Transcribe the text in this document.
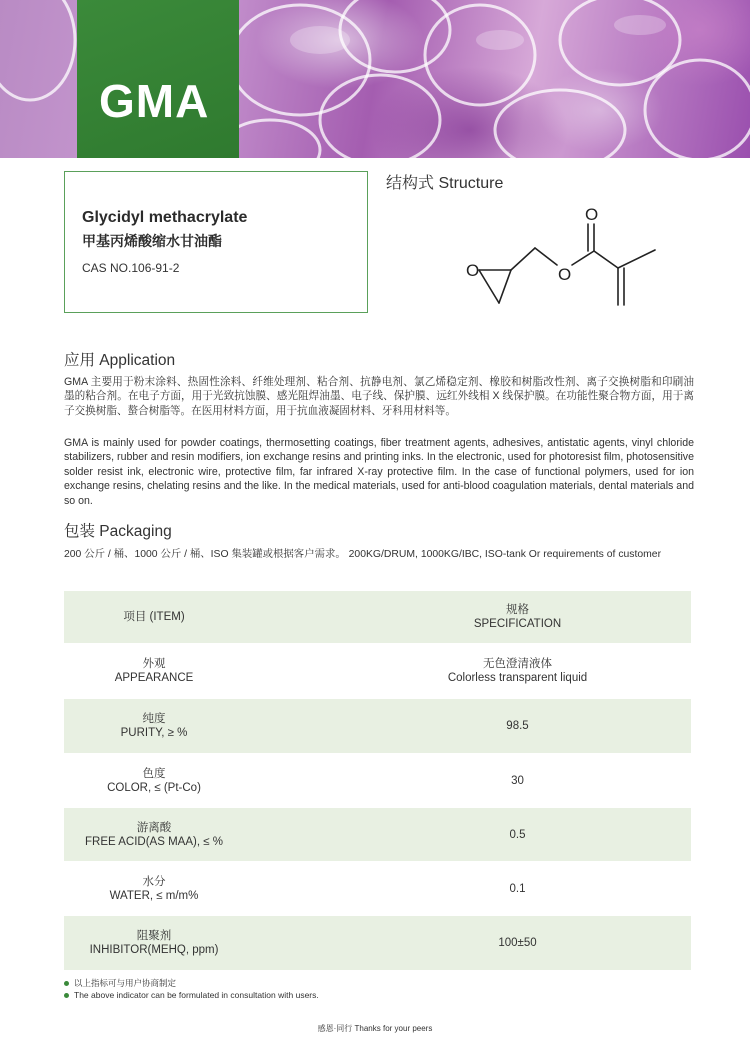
GMA
Glycidyl methacrylate
甲基丙烯酸缩水甘油酯
CAS NO.106-91-2
结构式 Structure
O	O
O
应用 Application
GMA 主要用于粉末涂料、热固性涂料、纤维处理剂、粘合剂、抗静电剂、氯乙烯稳定剂、橡胶和树脂改性剂、离子交换树脂和印刷油墨的粘合剂。在电子方面，用于光致抗蚀膜、感光阻焊油墨、电子线、保护膜、远红外线相 X 线保护膜。在功能性聚合物方面，用于离子交换树脂、螯合树脂等。在医用材料方面，用于抗血液凝固材料、牙科用材料等。
GMA is mainly used for powder coatings, thermosetting coatings, fiber treatment agents, adhesives, antistatic agents, vinyl chloride stabilizers, rubber and resin modifiers, ion exchange resins and printing inks. In the electronic, used for photoresist film, photosensitive solder resist ink, electronic wire, protective film, far infrared X-ray protective film. In the case of functional polymers, used for ion exchange resins, chelating resins and the like. In the medical materials, used for anti-blood coagulation materials, dental materials and so on.
包装 Packaging
200 公斤 / 桶、1000 公斤 / 桶、ISO 集装罐或根据客户需求。 200KG/DRUM, 1000KG/IBC, ISO-tank Or requirements of customer
项目 (ITEM)
规格
SPECIFICATION
外观
APPEARANCE
无色澄清液体
Colorless transparent liquid
纯度
PURITY, ≥ %
98.5
色度
COLOR, ≤ (Pt-Co)
30
游离酸
FREE ACID(AS MAA), ≤ %
0.5
水分
WATER, ≤ m/m%
0.1
阻聚剂
INHIBITOR(MEHQ, ppm)
100±50
以上指标可与用户协商制定
The above indicator can be formulated in consultation with users.
感恩·同行 Thanks for your peers
